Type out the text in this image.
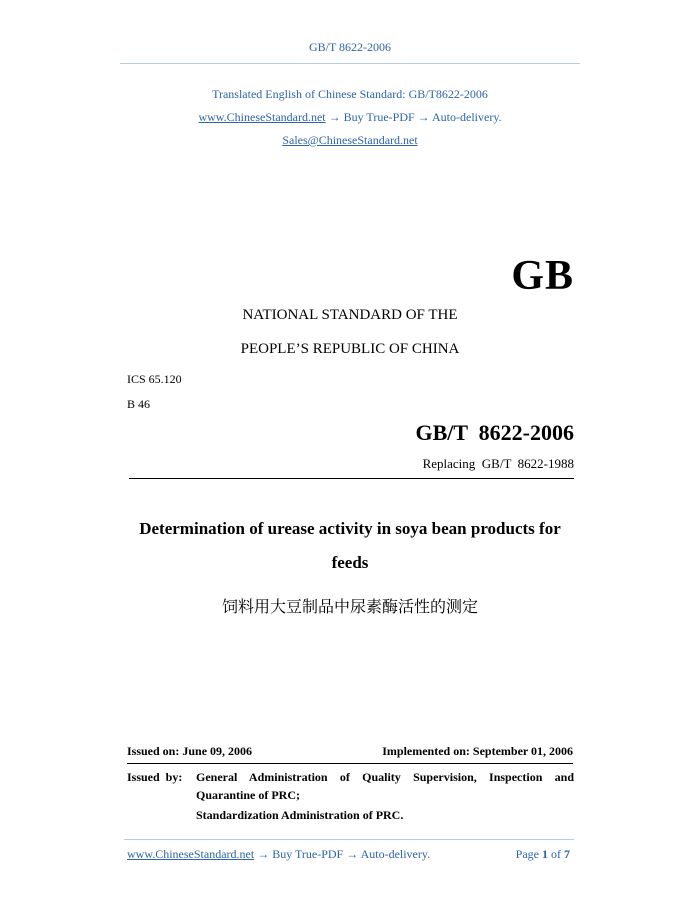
GB/T 8622-2006
Translated English of Chinese Standard: GB/T8622-2006
www.ChineseStandard.net → Buy True-PDF → Auto-delivery.
Sales@ChineseStandard.net
GB
NATIONAL STANDARD OF THE
PEOPLE’S REPUBLIC OF CHINA
ICS 65.120
B 46
GB/T  8622-2006
Replacing  GB/T  8622-1988
Determination of urease activity in soya bean products for
feeds
饲料用大豆制品中尿素酶活性的测定
Issued on: June 09, 2006	Implemented on: September 01, 2006
Issued  by: General Administration of Quality Supervision, Inspection and
Quarantine of PRC;
Standardization Administration of PRC.
www.ChineseStandard.net → Buy True-PDF → Auto-delivery.	Page 1 of 7
